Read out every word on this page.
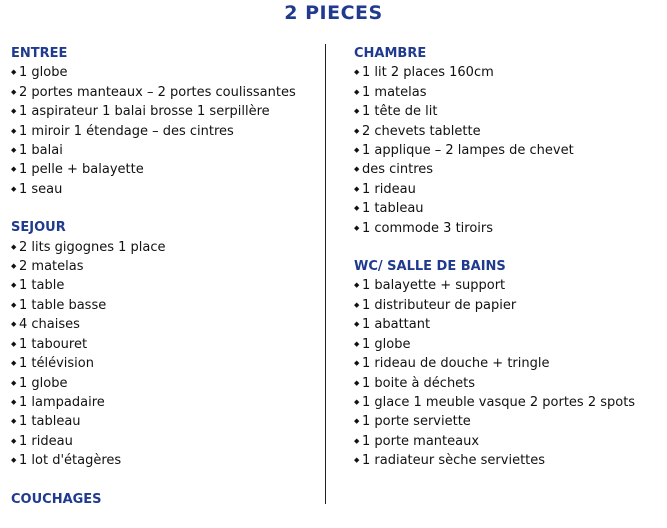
2 PIECES
ENTREE
◆ 1 globe
◆ 2 portes manteaux – 2 portes coulissantes
◆ 1 aspirateur 1 balai brosse 1 serpillère
◆ 1 miroir 1 étendage – des cintres
◆ 1 balai
◆ 1 pelle + balayette
◆ 1 seau
SEJOUR
◆ 2 lits gigognes 1 place
◆ 2 matelas
◆ 1 table
◆ 1 table basse
◆ 4 chaises
◆ 1 tabouret
◆ 1 télévision
◆ 1 globe
◆ 1 lampadaire
◆ 1 tableau
◆ 1 rideau
◆ 1 lot d'étagères
COUCHAGES
CHAMBRE
◆ 1 lit 2 places 160cm
◆ 1 matelas
◆ 1 tête de lit
◆ 2 chevets tablette
◆ 1 applique – 2 lampes de chevet
◆ des cintres
◆ 1 rideau
◆ 1 tableau
◆ 1 commode 3 tiroirs
WC/ SALLE DE BAINS
◆ 1 balayette + support
◆ 1 distributeur de papier
◆ 1 abattant
◆ 1 globe
◆ 1 rideau de douche + tringle
◆ 1 boite à déchets
◆ 1 glace 1 meuble vasque 2 portes 2 spots
◆ 1 porte serviette
◆ 1 porte manteaux
◆ 1 radiateur sèche serviettes
